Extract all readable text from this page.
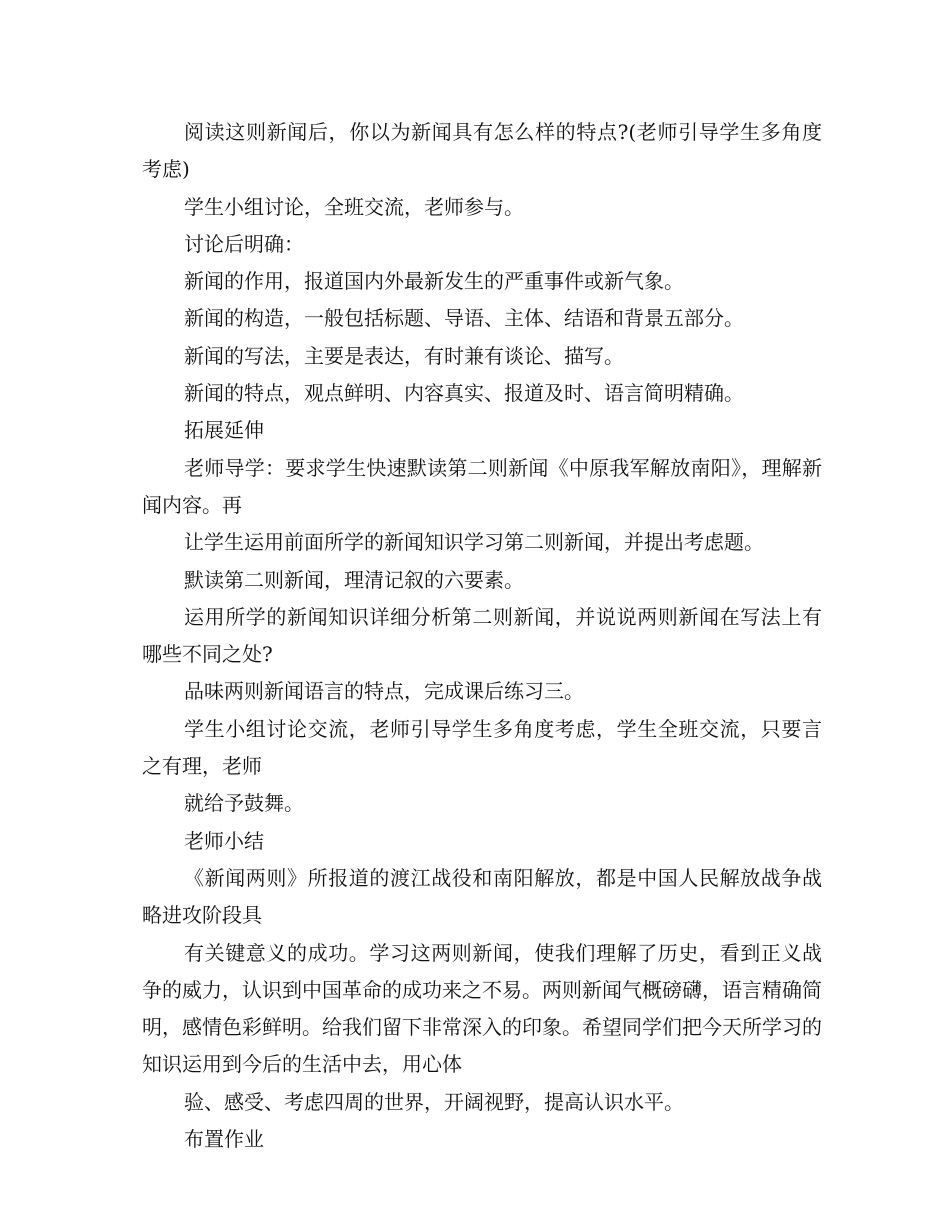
阅读这则新闻后，你以为新闻具有怎么样的特点?(老师引导学生多角度考虑)

学生小组讨论，全班交流，老师参与。

讨论后明确：

新闻的作用，报道国内外最新发生的严重事件或新气象。

新闻的构造，一般包括标题、导语、主体、结语和背景五部分。

新闻的写法，主要是表达，有时兼有谈论、描写。

新闻的特点，观点鲜明、内容真实、报道及时、语言简明精确。

拓展延伸

老师导学：要求学生快速默读第二则新闻《中原我军解放南阳》，理解新闻内容。再

让学生运用前面所学的新闻知识学习第二则新闻，并提出考虑题。

默读第二则新闻，理清记叙的六要素。

运用所学的新闻知识详细分析第二则新闻，并说说两则新闻在写法上有哪些不同之处?

品味两则新闻语言的特点，完成课后练习三。

学生小组讨论交流，老师引导学生多角度考虑，学生全班交流，只要言之有理，老师

就给予鼓舞。

老师小结

《新闻两则》所报道的渡江战役和南阳解放，都是中国人民解放战争战略进攻阶段具

有关键意义的成功。学习这两则新闻，使我们理解了历史，看到正义战争的威力，认识到中国革命的成功来之不易。两则新闻气概磅礴，语言精确简明，感情色彩鲜明。给我们留下非常深入的印象。希望同学们把今天所学习的知识运用到今后的生活中去，用心体

验、感受、考虑四周的世界，开阔视野，提高认识水平。

布置作业
